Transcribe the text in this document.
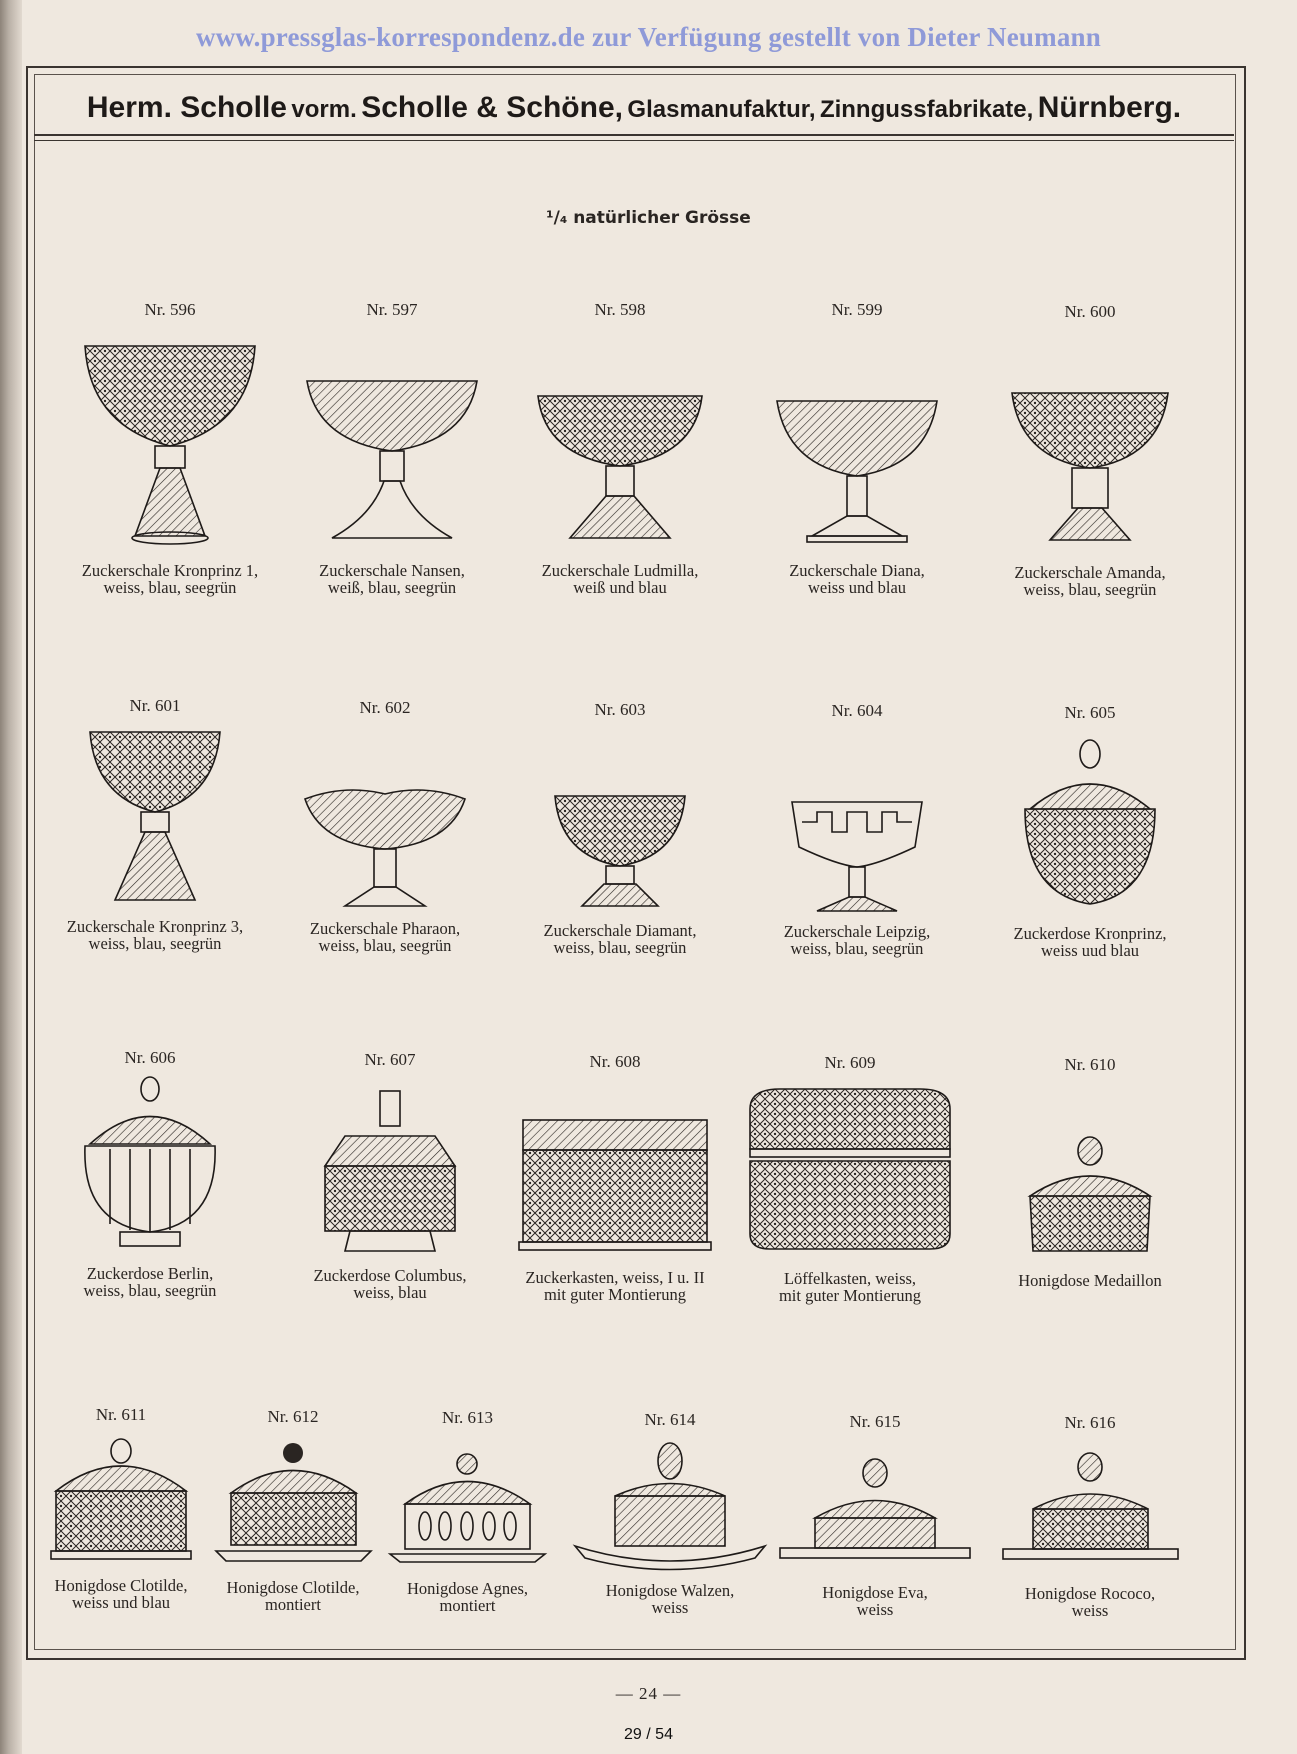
www.pressglas-korrespondenz.de zur Verfügung gestellt von Dieter Neumann
Herm. Scholle vorm. Scholle & Schöne, Glasmanufaktur, Zinngussfabrikate, Nürnberg.
¹/₄ natürlicher Grösse
Nr. 596
Zuckerschale Kronprinz 1,
weiss, blau, seegrün
Nr. 597
Zuckerschale Nansen,
weiß, blau, seegrün
Nr. 598
Zuckerschale Ludmilla,
weiß und blau
Nr. 599
Zuckerschale Diana,
weiss und blau
Nr. 600
Zuckerschale Amanda,
weiss, blau, seegrün
Nr. 601
Zuckerschale Kronprinz 3,
weiss, blau, seegrün
Nr. 602
Zuckerschale Pharaon,
weiss, blau, seegrün
Nr. 603
Zuckerschale Diamant,
weiss, blau, seegrün
Nr. 604
Zuckerschale Leipzig,
weiss, blau, seegrün
Nr. 605
Zuckerdose Kronprinz,
weiss uud blau
Nr. 606
Zuckerdose Berlin,
weiss, blau, seegrün
Nr. 607
Zuckerdose Columbus,
weiss, blau
Nr. 608
Zuckerkasten, weiss, I u. II
mit guter Montierung
Nr. 609
Löffelkasten, weiss,
mit guter Montierung
Nr. 610
Honigdose Medaillon
Nr. 611
Honigdose Clotilde,
weiss und blau
Nr. 612
Honigdose Clotilde,
montiert
Nr. 613
Honigdose Agnes,
montiert
Nr. 614
Honigdose Walzen,
weiss
Nr. 615
Honigdose Eva,
weiss
Nr. 616
Honigdose Rococo,
weiss
— 24 —
29 / 54
